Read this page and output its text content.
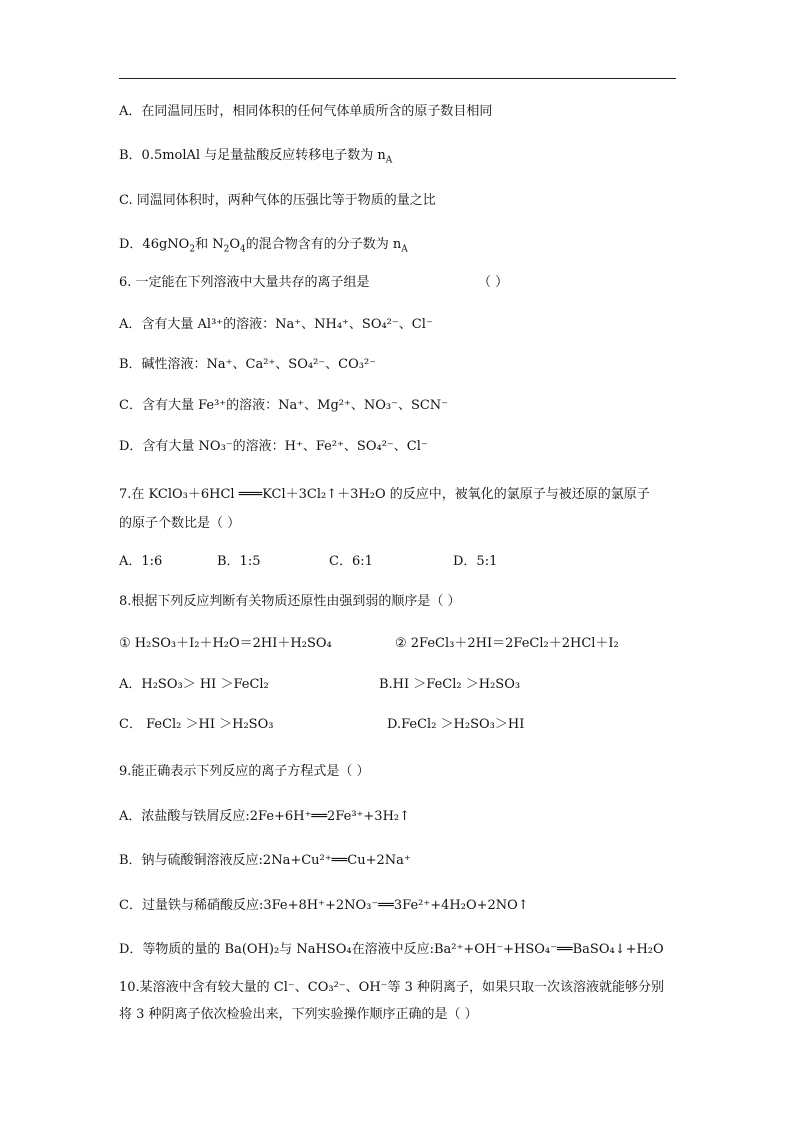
A．在同温同压时，相同体积的任何气体单质所含的原子数目相同
B．0.5molAl 与足量盐酸反应转移电子数为 $n_A$
C. 同温同体积时，两种气体的压强比等于物质的量之比
D．46gNO$_2$和 $N_2O_4$的混合物含有的分子数为 $n_A$
6. 一定能在下列溶液中大量共存的离子组是	（ ）
A．含有大量 Al³⁺的溶液：Na⁺、NH₄⁺、SO₄²⁻、Cl⁻
B．碱性溶液：Na⁺、Ca²⁺、SO₄²⁻、CO₃²⁻
C．含有大量 Fe³⁺的溶液：Na⁺、Mg²⁺、NO₃⁻、SCN⁻
D．含有大量 NO₃⁻的溶液：H⁺、Fe²⁺、SO₄²⁻、Cl⁻
7.在 KClO₃＋6HCl ═══KCl＋3Cl₂↑＋3H₂O 的反应中，被氧化的氯原子与被还原的氯原子
的原子个数比是（ ）
A．1:6	B．1:5	C．6:1	D．5:1
8.根据下列反应判断有关物质还原性由强到弱的顺序是（ ）
① H₂SO₃＋I₂＋H₂O＝2HI＋H₂SO₄	② 2FeCl₃＋2HI＝2FeCl₂＋2HCl＋I₂
A．H₂SO₃＞ HI ＞FeCl₂	B.HI ＞FeCl₂ ＞H₂SO₃
C． FeCl₂ ＞HI ＞H₂SO₃	D.FeCl₂ ＞H₂SO₃＞HI
9.能正确表示下列反应的离子方程式是（ ）
A．浓盐酸与铁屑反应:2Fe+6H⁺══2Fe³⁺+3H₂↑
B．钠与硫酸铜溶液反应:2Na+Cu²⁺══Cu+2Na⁺
C．过量铁与稀硝酸反应:3Fe+8H⁺+2NO₃⁻══3Fe²⁺+4H₂O+2NO↑
D．等物质的量的 Ba(OH)₂与 NaHSO₄在溶液中反应:Ba²⁺+OH⁻+HSO₄⁻══BaSO₄↓+H₂O
10.某溶液中含有较大量的 Cl⁻、CO₃²⁻、OH⁻等 3 种阴离子，如果只取一次该溶液就能够分别
将 3 种阴离子依次检验出来，下列实验操作顺序正确的是（ ）
